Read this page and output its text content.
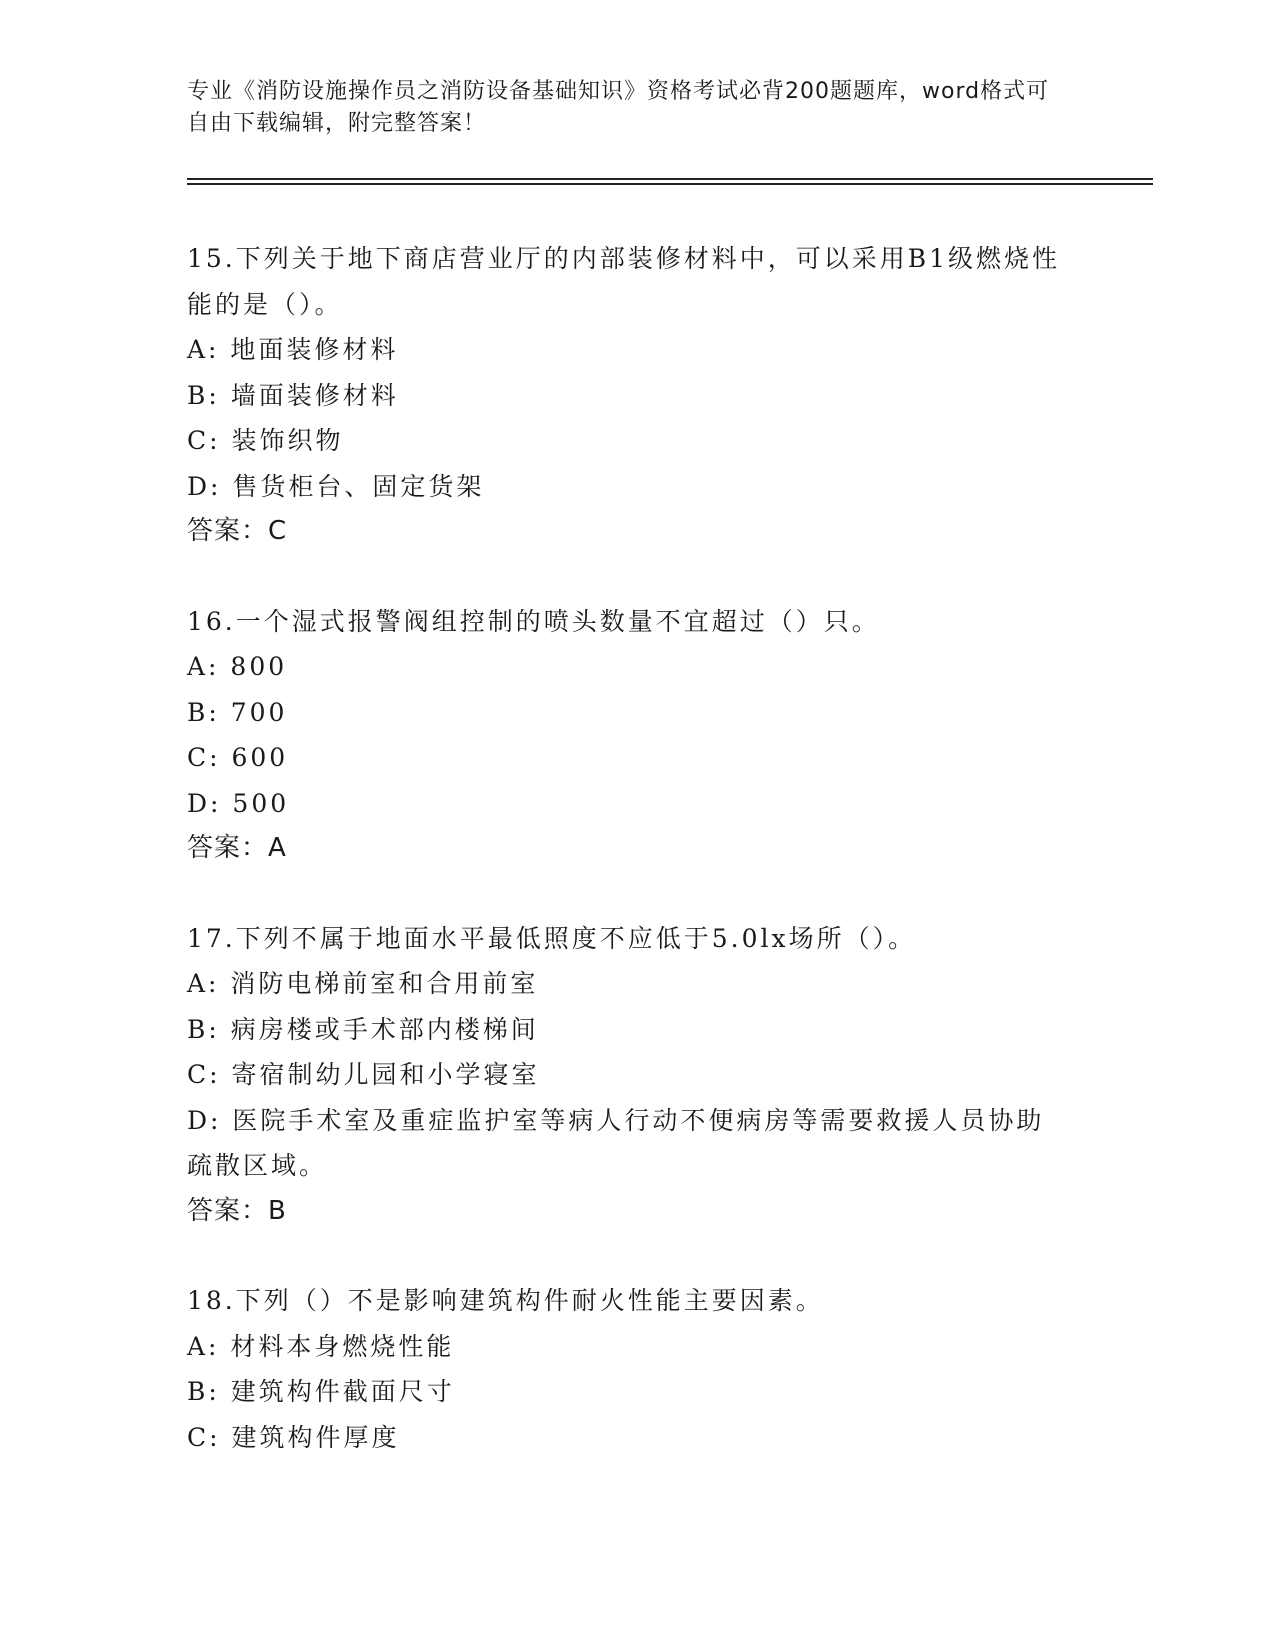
专业《消防设施操作员之消防设备基础知识》资格考试必背200题题库，word格式可自由下载编辑，附完整答案！

15.下列关于地下商店营业厅的内部装修材料中，可以采用B1级燃烧性能的是（）。

A: 地面装修材料

B: 墙面装修材料

C: 装饰织物

D: 售货柜台、固定货架

答案：C

16.一个湿式报警阀组控制的喷头数量不宜超过（）只。

A: 800

B: 700

C: 600

D: 500

答案：A

17.下列不属于地面水平最低照度不应低于5.0lx场所（）。

A: 消防电梯前室和合用前室

B: 病房楼或手术部内楼梯间

C: 寄宿制幼儿园和小学寝室

D: 医院手术室及重症监护室等病人行动不便病房等需要救援人员协助疏散区域。

答案：B

18.下列（）不是影响建筑构件耐火性能主要因素。

A: 材料本身燃烧性能

B: 建筑构件截面尺寸

C: 建筑构件厚度
